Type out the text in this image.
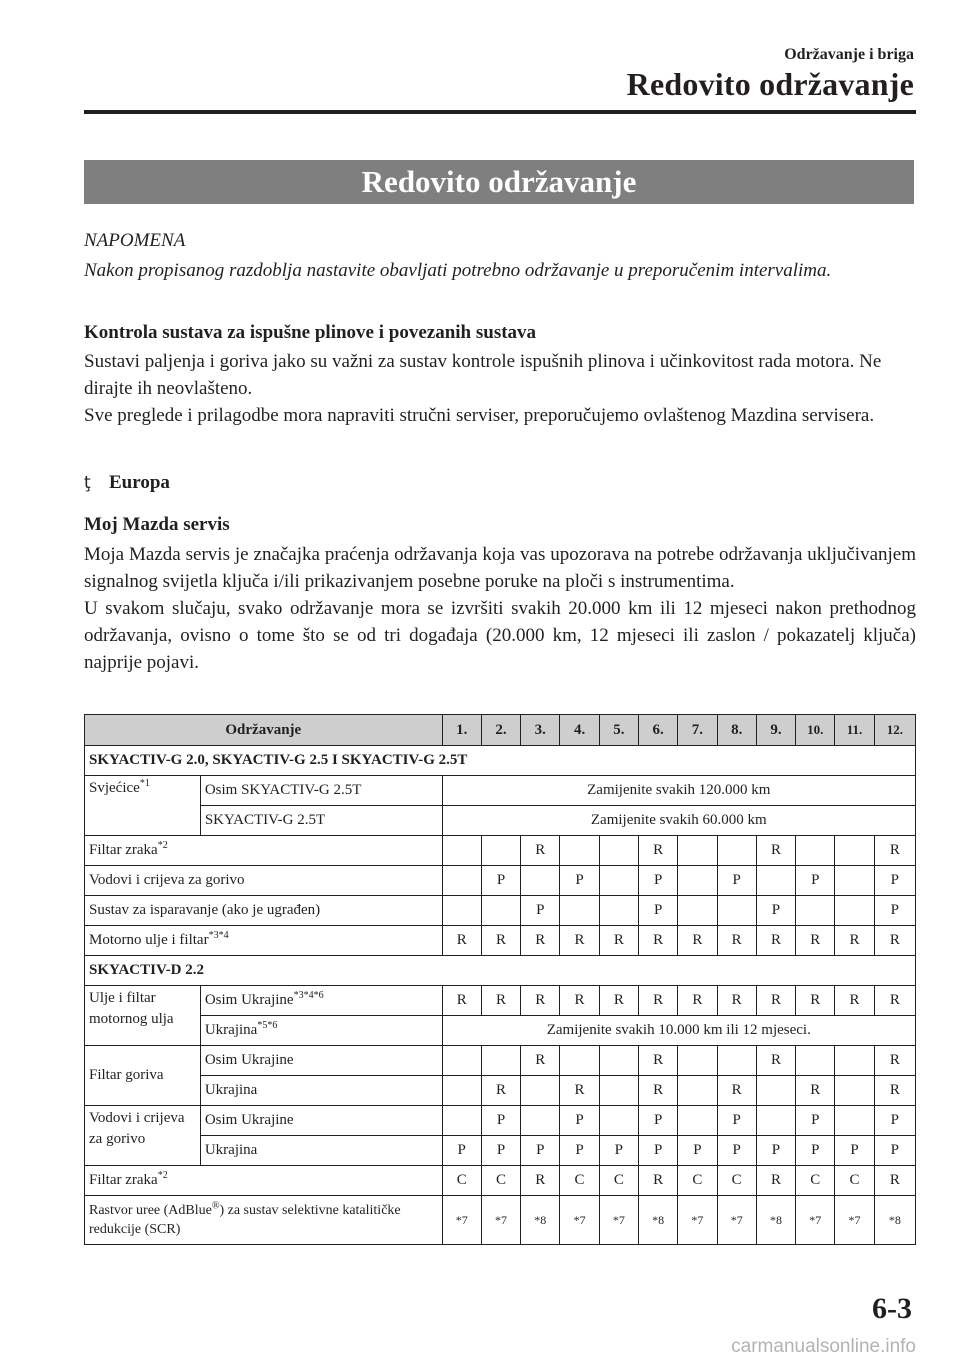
Održavanje i briga
Redovito održavanje
Redovito održavanje

NAPOMENA

Nakon propisanog razdoblja nastavite obavljati potrebno održavanje u preporučenim intervalima.

Kontrola sustava za ispušne plinove i povezanih sustava

Sustavi paljenja i goriva jako su važni za sustav kontrole ispušnih plinova i učinkovitost rada motora. Ne dirajte ih neovlašteno.

Sve preglede i prilagodbe mora napraviti stručni serviser, preporučujemo ovlaštenog Mazdina servisera.

ţ Europa

Moj Mazda servis

Moja Mazda servis je značajka praćenja održavanja koja vas upozorava na potrebe održavanja uključivanjem signalnog svijetla ključa i/ili prikazivanjem posebne poruke na ploči s instrumentima.

U svakom slučaju, svako održavanje mora se izvršiti svakih 20.000 km ili 12 mjeseci nakon prethodnog održavanja, ovisno o tome što se od tri događaja (20.000 km, 12 mjeseci ili zaslon / pokazatelj ključa) najprije pojavi.

Održavanje		1.	2.	3.	4.	5.	6.	7.	8.	9.	10.	11.	12.
SKYACTIV-G 2.0, SKYACTIV-G 2.5 I SKYACTIV-G 2.5T													
Svjećice$^{*1}$	Osim SKYACTIV-G 2.5T	Zamijenite svakih 120.000 km											
	SKYACTIV-G 2.5T	Zamijenite svakih 60.000 km											
Filtar zraka$^{*2}$				R			R			R			R
Vodovi i crijeva za gorivo			P		P		P		P		P		P
Sustav za isparavanje (ako je ugrađen)				P			P			P			P
Motorno ulje i filtar$^{*3*4}$		R	R	R	R	R	R	R	R	R	R	R	R
SKYACTIV-D 2.2													
Ulje i filtar motornog ulja	Osim Ukrajine$^{*3*4*6}$	R	R	R	R	R	R	R	R	R	R	R	R
	Ukrajina$^{*5*6}$	Zamijenite svakih 10.000 km ili 12 mjeseci.											
Filtar goriva	Osim Ukrajine			R			R			R			R
	Ukrajina		R		R		R		R		R		R
Vodovi i crijeva za gorivo	Osim Ukrajine		P		P		P		P		P		P
	Ukrajina	P	P	P	P	P	P	P	P	P	P	P	P
Filtar zraka$^{*2}$		C	C	R	C	C	R	C	C	R	C	C	R
Rastvor uree (AdBlue®) za sustav selektivne katalitičke redukcije (SCR)		*7	*7	*8	*7	*7	*8	*7	*7	*8	*7	*7	*8
6-3
carmanualsonline.info
